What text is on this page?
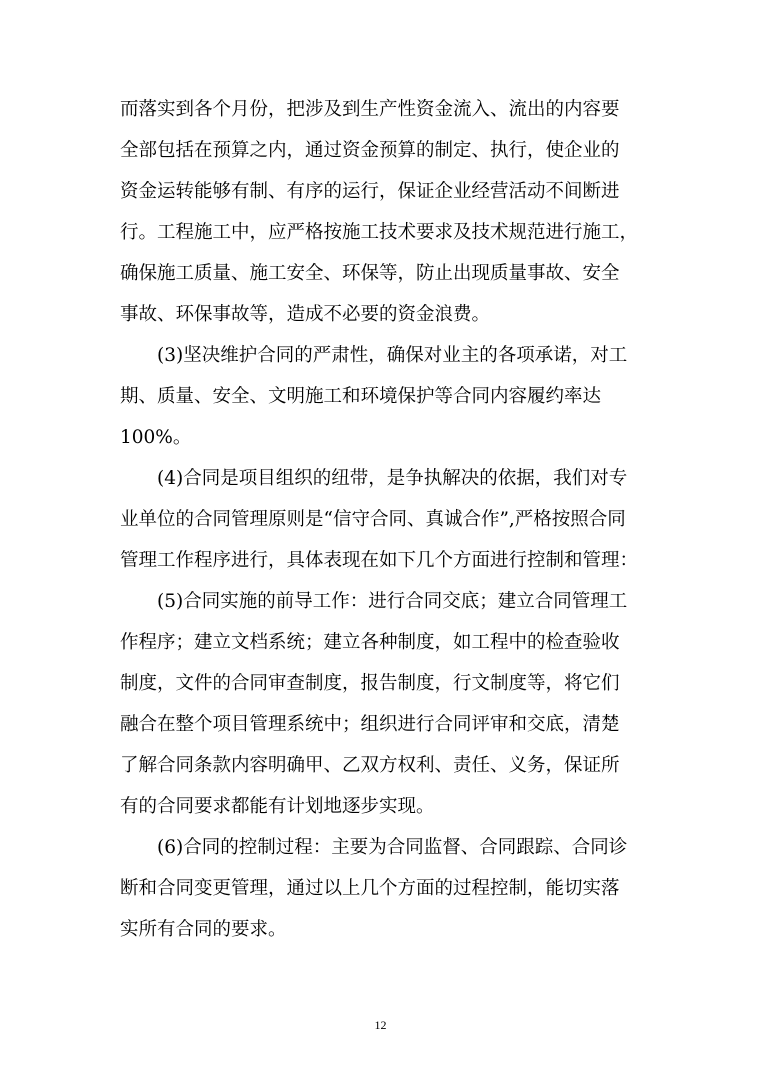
而落实到各个月份，把涉及到生产性资金流入、流出的内容要
全部包括在预算之内，通过资金预算的制定、执行，使企业的
资金运转能够有制、有序的运行，保证企业经营活动不间断进
行。工程施工中，应严格按施工技术要求及技术规范进行施工，
确保施工质量、施工安全、环保等，防止出现质量事故、安全
事故、环保事故等，造成不必要的资金浪费。
(3)坚决维护合同的严肃性，确保对业主的各项承诺，对工
期、质量、安全、文明施工和环境保护等合同内容履约率达
100%。
(4)合同是项目组织的纽带，是争执解决的依据，我们对专
业单位的合同管理原则是“信守合同、真诚合作”,严格按照合同
管理工作程序进行，具体表现在如下几个方面进行控制和管理：
(5)合同实施的前导工作：进行合同交底；建立合同管理工
作程序；建立文档系统；建立各种制度，如工程中的检查验收
制度，文件的合同审查制度，报告制度，行文制度等，将它们
融合在整个项目管理系统中；组织进行合同评审和交底，清楚
了解合同条款内容明确甲、乙双方权利、责任、义务，保证所
有的合同要求都能有计划地逐步实现。
(6)合同的控制过程：主要为合同监督、合同跟踪、合同诊
断和合同变更管理，通过以上几个方面的过程控制，能切实落
实所有合同的要求。
12
